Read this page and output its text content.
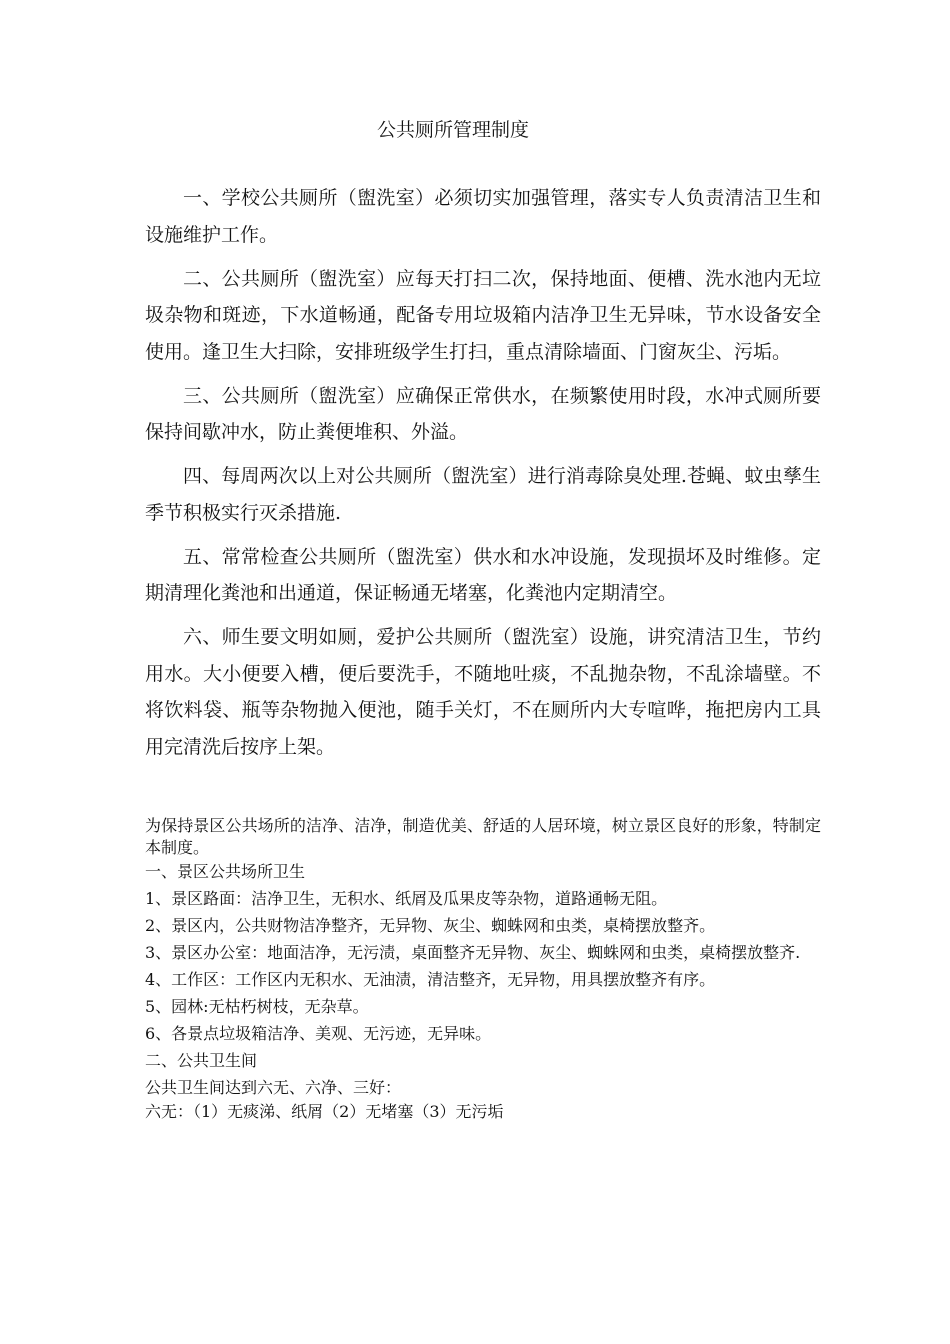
公共厕所管理制度

一、学校公共厕所（盥洗室）必须切实加强管理，落实专人负责清洁卫生和设施维护工作。

二、公共厕所（盥洗室）应每天打扫二次，保持地面、便槽、洗水池内无垃圾杂物和斑迹，下水道畅通，配备专用垃圾箱内洁净卫生无异味，节水设备安全使用。逢卫生大扫除，安排班级学生打扫，重点清除墙面、门窗灰尘、污垢。

三、公共厕所（盥洗室）应确保正常供水，在频繁使用时段，水冲式厕所要保持间歇冲水，防止粪便堆积、外溢。

四、每周两次以上对公共厕所（盥洗室）进行消毒除臭处理.苍蝇、蚊虫孳生季节积极实行灭杀措施.

五、常常检查公共厕所（盥洗室）供水和水冲设施，发现损坏及时维修。定期清理化粪池和出通道，保证畅通无堵塞，化粪池内定期清空。

六、师生要文明如厕，爱护公共厕所（盥洗室）设施，讲究清洁卫生，节约用水。大小便要入槽，便后要洗手，不随地吐痰，不乱抛杂物，不乱涂墙壁。不将饮料袋、瓶等杂物抛入便池，随手关灯，不在厕所内大专喧哗，拖把房内工具用完清洗后按序上架。

为保持景区公共场所的洁净、洁净，制造优美、舒适的人居环境，树立景区良好的形象，特制定本制度。

一、景区公共场所卫生

1、景区路面：洁净卫生，无积水、纸屑及瓜果皮等杂物，道路通畅无阻。

2、景区内，公共财物洁净整齐，无异物、灰尘、蜘蛛网和虫类，桌椅摆放整齐。

3、景区办公室：地面洁净，无污渍，桌面整齐无异物、灰尘、蜘蛛网和虫类，桌椅摆放整齐.

4、工作区：工作区内无积水、无油渍，清洁整齐，无异物，用具摆放整齐有序。

5、园林:无枯朽树枝，无杂草。

6、各景点垃圾箱洁净、美观、无污迹，无异味。

二、公共卫生间

公共卫生间达到六无、六净、三好：

六无：（1）无痰涕、纸屑（2）无堵塞（3）无污垢
